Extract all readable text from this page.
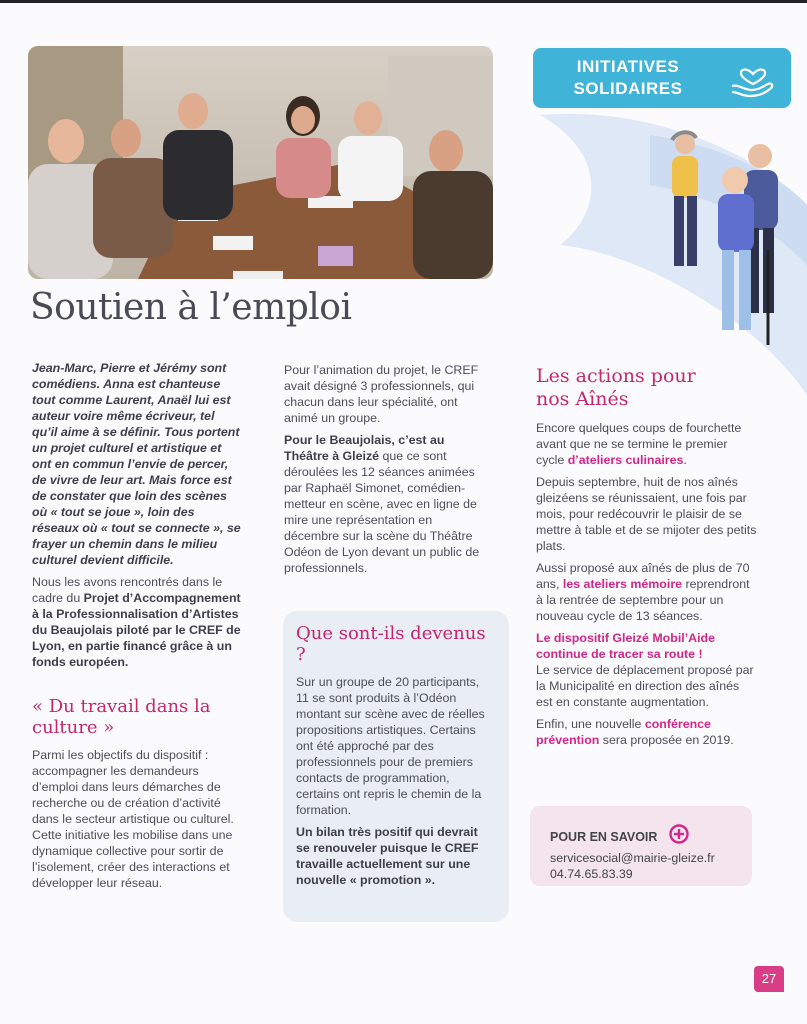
INITIATIVES
SOLIDAIRES
Soutien à l’emploi

Jean-Marc, Pierre et Jérémy sont comédiens. Anna est chanteuse tout comme Laurent, Anaël lui est auteur voire même écriveur, tel qu’il aime à se définir. Tous portent un projet culturel et artistique et ont en commun l’envie de percer, de vivre de leur art. Mais force est de constater que loin des scènes où « tout se joue », loin des réseaux où « tout se connecte », se frayer un chemin dans le milieu culturel devient difficile.

Nous les avons rencontrés dans le cadre du Projet d’Accompagnement à la Professionnalisation d’Artistes du Beaujolais piloté par le CREF de Lyon, en partie financé grâce à un fonds européen.

« Du travail dans la culture »

Parmi les objectifs du dispositif : accompagner les demandeurs d’emploi dans leurs démarches de recherche ou de création d’activité dans le secteur artistique ou culturel. Cette initiative les mobilise dans une dynamique collective pour sortir de l’isolement, créer des interactions et développer leur réseau.

Pour l’animation du projet, le CREF avait désigné 3 professionnels, qui chacun dans leur spécialité, ont animé un groupe.

Pour le Beaujolais, c’est au Théâtre à Gleizé que ce sont déroulées les 12 séances animées par Raphaël Simonet, comédien-metteur en scène, avec en ligne de mire une représentation en décembre sur la scène du Théâtre Odéon de Lyon devant un public de professionnels.

Que sont-ils devenus ?

Sur un groupe de 20 participants, 11 se sont produits à l’Odéon montant sur scène avec de réelles propositions artistiques. Certains ont été approché par des professionnels pour de premiers contacts de programmation, certains ont repris le chemin de la formation.

Un bilan très positif qui devrait se renouveler puisque le CREF travaille actuellement sur une nouvelle « promotion ».

Les actions pour nos Aînés

Encore quelques coups de fourchette avant que ne se termine le premier cycle d’ateliers culinaires.

Depuis septembre, huit de nos aînés gleizéens se réunissaient, une fois par mois, pour redécouvrir le plaisir de se mettre à table et de se mijoter des petits plats.

Aussi proposé aux aînés de plus de 70 ans, les ateliers mémoire reprendront à la rentrée de septembre pour un nouveau cycle de 13 séances.

Le dispositif Gleizé Mobil’Aide continue de tracer sa route !
Le service de déplacement proposé par la Municipalité en direction des aînés est en constante augmentation.

Enfin, une nouvelle conférence prévention sera proposée en 2019.

POUR EN SAVOIR
servicesocial@mairie-gleize.fr
04.74.65.83.39
27
